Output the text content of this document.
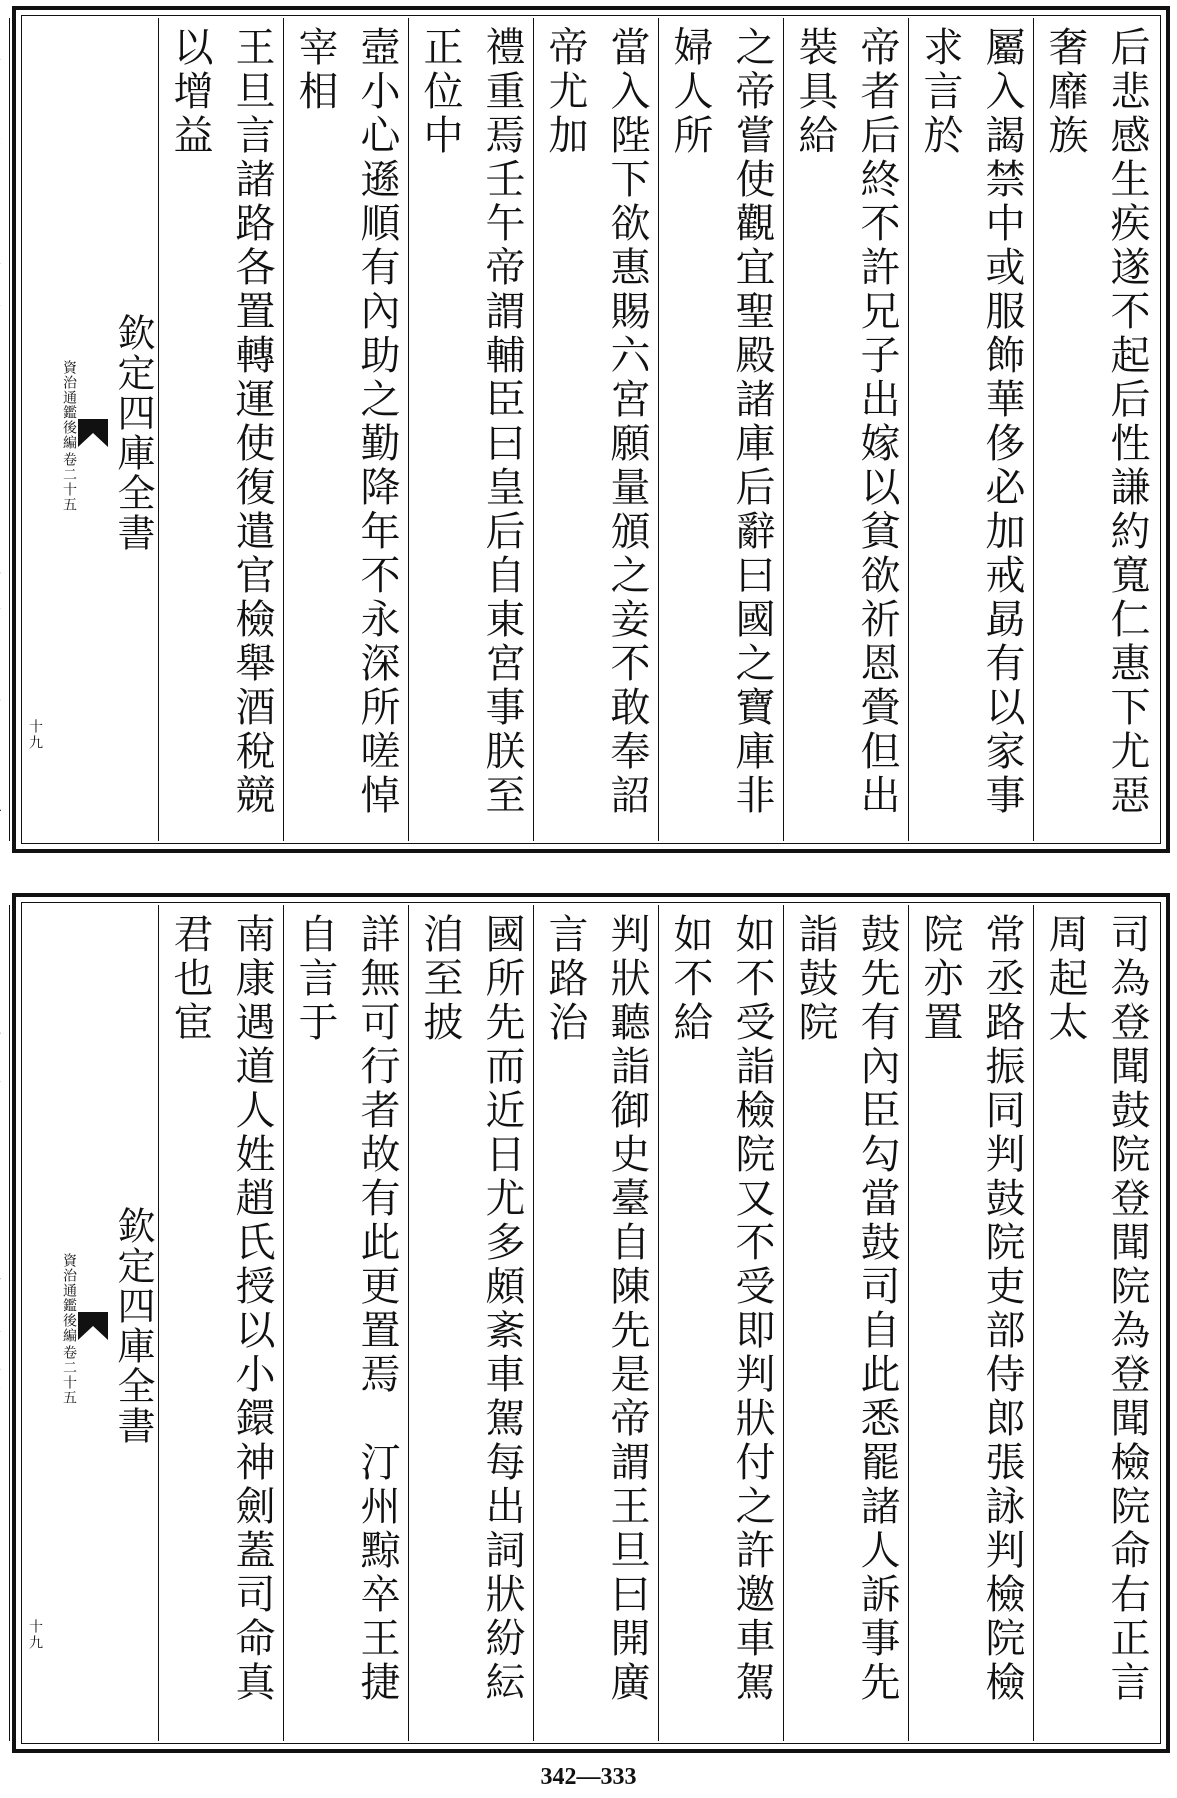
后悲感生疾遂不起后性謙約寬仁惠下尤惡奢靡族
屬入謁禁中或服飾華侈必加戒勗有以家事求言於
帝者后終不許兄子出嫁以貧欲祈恩賫但出裝具給
之帝嘗使觀宜聖殿諸庫后辭曰國之寶庫非婦人所
當入陛下欲惠賜六宮願量頒之妾不敢奉詔帝尤加
禮重焉壬午帝謂輔臣曰皇后自東宮事朕至正位中
壼小心遜順有內助之勤降年不永深所嗟悼　宰相
王旦言諸路各置轉運使復遣官檢舉酒稅競以增益
欽定四庫全書
資治通鑑後編
卷二十五
十九
司為登聞鼓院登聞院為登聞檢院命右正言周起太
常丞路振同判鼓院吏部侍郎張詠判檢院檢院亦置
鼓先有內臣勾當鼓司自此悉罷諸人訴事先詣鼓院
如不受詣檢院又不受即判狀付之許邀車駕如不給
判狀聽詣御史臺自陳先是帝謂王旦曰開廣言路治
國所先而近日尤多頗紊車駕每出詞狀紛紜洎至披
詳無可行者故有此更置焉　汀州黥卒王捷自言于
南康遇道人姓趙氏授以小鐶神劍蓋司命真君也宦
欽定四庫全書
資治通鑑後編
卷二十五
十九
342—333
